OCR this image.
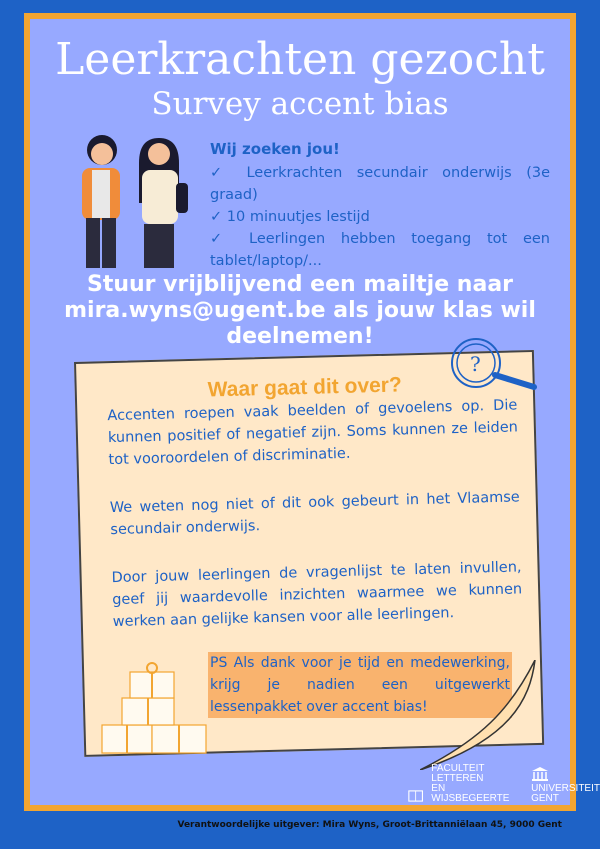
Leerkrachten gezocht
Survey accent bias
Wij zoeken jou!
✓ Leerkrachten secundair onderwijs (3e graad)
✓ 10 minuutjes lestijd
✓ Leerlingen hebben toegang tot een tablet/laptop/...
Stuur vrijblijvend een mailtje naar mira.wyns@ugent.be als jouw klas wil deelnemen!
Waar gaat dit over?

Accenten roepen vaak beelden of gevoelens op. Die kunnen positief of negatief zijn. Soms kunnen ze leiden tot vooroordelen of discriminatie.

We weten nog niet of dit ook gebeurt in het Vlaamse secundair onderwijs.

Door jouw leerlingen de vragenlijst te laten invullen, geef jij waardevolle inzichten waarmee we kunnen werken aan gelijke kansen voor alle leerlingen.

?
PS Als dank voor je tijd en medewerking, krijg je nadien een uitgewerkt lessenpakket over accent bias!
FACULTEIT LETTEREN
EN WIJSBEGEERTE
UNIVERSITEIT
GENT
Verantwoordelijke uitgever: Mira Wyns, Groot-Brittanniëlaan 45, 9000 Gent
